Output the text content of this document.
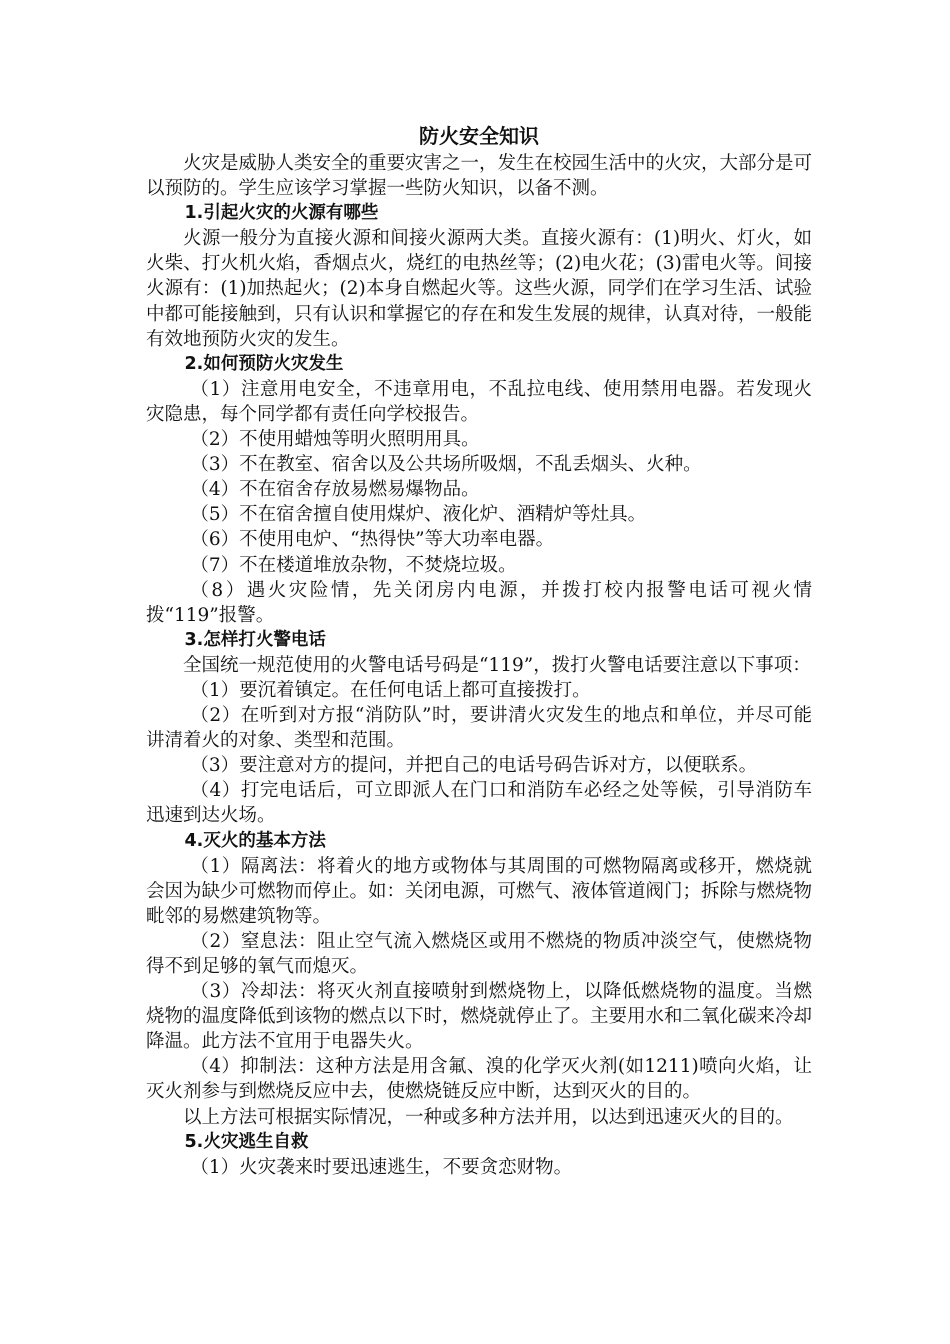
防火安全知识

火灾是威胁人类安全的重要灾害之一，发生在校园生活中的火灾，大部分是可以预防的。学生应该学习掌握一些防火知识，以备不测。

1.引起火灾的火源有哪些

火源一般分为直接火源和间接火源两大类。直接火源有：(1)明火、灯火，如火柴、打火机火焰，香烟点火，烧红的电热丝等；(2)电火花；(3)雷电火等。间接火源有：(1)加热起火；(2)本身自燃起火等。这些火源，同学们在学习生活、试验中都可能接触到，只有认识和掌握它的存在和发生发展的规律，认真对待，一般能有效地预防火灾的发生。

2.如何预防火灾发生

（1）注意用电安全，不违章用电，不乱拉电线、使用禁用电器。若发现火灾隐患，每个同学都有责任向学校报告。

（2）不使用蜡烛等明火照明用具。

（3）不在教室、宿舍以及公共场所吸烟，不乱丢烟头、火种。

（4）不在宿舍存放易燃易爆物品。

（5）不在宿舍擅自使用煤炉、液化炉、酒精炉等灶具。

（6）不使用电炉、“热得快”等大功率电器。

（7）不在楼道堆放杂物，不焚烧垃圾。

（8）遇火灾险情，先关闭房内电源，并拨打校内报警电话可视火情拨“119”报警。

3.怎样打火警电话

全国统一规范使用的火警电话号码是“119”，拨打火警电话要注意以下事项：

（1）要沉着镇定。在任何电话上都可直接拨打。

（2）在听到对方报“消防队”时，要讲清火灾发生的地点和单位，并尽可能讲清着火的对象、类型和范围。

（3）要注意对方的提问，并把自己的电话号码告诉对方，以便联系。

（4）打完电话后，可立即派人在门口和消防车必经之处等候，引导消防车迅速到达火场。

4.灭火的基本方法

（1）隔离法：将着火的地方或物体与其周围的可燃物隔离或移开，燃烧就会因为缺少可燃物而停止。如：关闭电源，可燃气、液体管道阀门；拆除与燃烧物毗邻的易燃建筑物等。

（2）窒息法：阻止空气流入燃烧区或用不燃烧的物质冲淡空气，使燃烧物得不到足够的氧气而熄灭。

（3）冷却法：将灭火剂直接喷射到燃烧物上，以降低燃烧物的温度。当燃烧物的温度降低到该物的燃点以下时，燃烧就停止了。主要用水和二氧化碳来冷却降温。此方法不宜用于电器失火。

（4）抑制法：这种方法是用含氟、溴的化学灭火剂(如1211)喷向火焰，让灭火剂参与到燃烧反应中去，使燃烧链反应中断，达到灭火的目的。

以上方法可根据实际情况，一种或多种方法并用，以达到迅速灭火的目的。

5.火灾逃生自救

（1）火灾袭来时要迅速逃生，不要贪恋财物。
